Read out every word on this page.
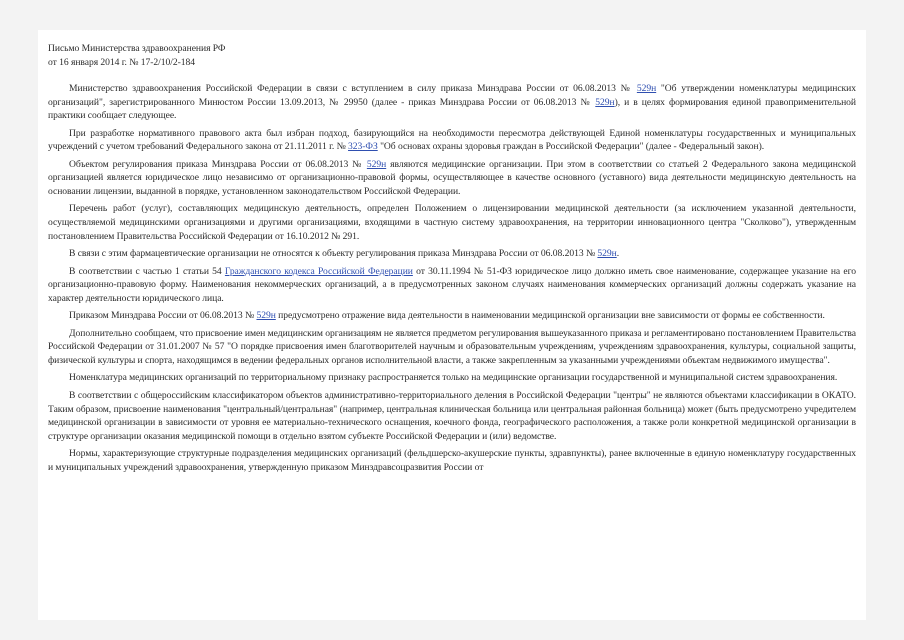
Письмо Министерства здравоохранения РФ
от 16 января 2014 г. № 17-2/10/2-184

Министерство здравоохранения Российской Федерации в связи с вступлением в силу приказа Минздрава России от 06.08.2013 № 529н "Об утверждении номенклатуры медицинских организаций", зарегистрированного Минюстом России 13.09.2013, № 29950 (далее - приказ Минздрава России от 06.08.2013 № 529н), и в целях формирования единой правоприменительной практики сообщает следующее.

При разработке нормативного правового акта был избран подход, базирующийся на необходимости пересмотра действующей Единой номенклатуры государственных и муниципальных учреждений с учетом требований Федерального закона от 21.11.2011 г. № 323-ФЗ "Об основах охраны здоровья граждан в Российской Федерации" (далее - Федеральный закон).

Объектом регулирования приказа Минздрава России от 06.08.2013 № 529н являются медицинские организации. При этом в соответствии со статьей 2 Федерального закона медицинской организацией является юридическое лицо независимо от организационно-правовой формы, осуществляющее в качестве основного (уставного) вида деятельности медицинскую деятельность на основании лицензии, выданной в порядке, установленном законодательством Российской Федерации.

Перечень работ (услуг), составляющих медицинскую деятельность, определен Положением о лицензировании медицинской деятельности (за исключением указанной деятельности, осуществляемой медицинскими организациями и другими организациями, входящими в частную систему здравоохранения, на территории инновационного центра "Сколково"), утвержденным постановлением Правительства Российской Федерации от 16.10.2012 № 291.

В связи с этим фармацевтические организации не относятся к объекту регулирования приказа Минздрава России от 06.08.2013 № 529н.

В соответствии с частью 1 статьи 54 Гражданского кодекса Российской Федерации от 30.11.1994 № 51-ФЗ юридическое лицо должно иметь свое наименование, содержащее указание на его организационно-правовую форму. Наименования некоммерческих организаций, а в предусмотренных законом случаях наименования коммерческих организаций должны содержать указание на характер деятельности юридического лица.

Приказом Минздрава России от 06.08.2013 № 529н предусмотрено отражение вида деятельности в наименовании медицинской организации вне зависимости от формы ее собственности.

Дополнительно сообщаем, что присвоение имен медицинским организациям не является предметом регулирования вышеуказанного приказа и регламентировано постановлением Правительства Российской Федерации от 31.01.2007 № 57 "О порядке присвоения имен благотворителей научным и образовательным учреждениям, учреждениям здравоохранения, культуры, социальной защиты, физической культуры и спорта, находящимся в ведении федеральных органов исполнительной власти, а также закрепленным за указанными учреждениями объектам недвижимого имущества".

Номенклатура медицинских организаций по территориальному признаку распространяется только на медицинские организации государственной и муниципальной систем здравоохранения.

В соответствии с общероссийским классификатором объектов административно-территориального деления в Российской Федерации "центры" не являются объектами классификации в ОКАТО. Таким образом, присвоение наименования "центральный/центральная" (например, центральная клиническая больница или центральная районная больница) может (быть предусмотрено учредителем медицинской организации в зависимости от уровня ее материально-технического оснащения, коечного фонда, географического расположения, а также роли конкретной медицинской организации в структуре организации оказания медицинской помощи в отдельно взятом субъекте Российской Федерации и (или) ведомстве.

Нормы, характеризующие структурные подразделения медицинских организаций (фельдшерско-акушерские пункты, здравпункты), ранее включенные в единую номенклатуру государственных и муниципальных учреждений здравоохранения, утвержденную приказом Минздравсоцразвития России от
